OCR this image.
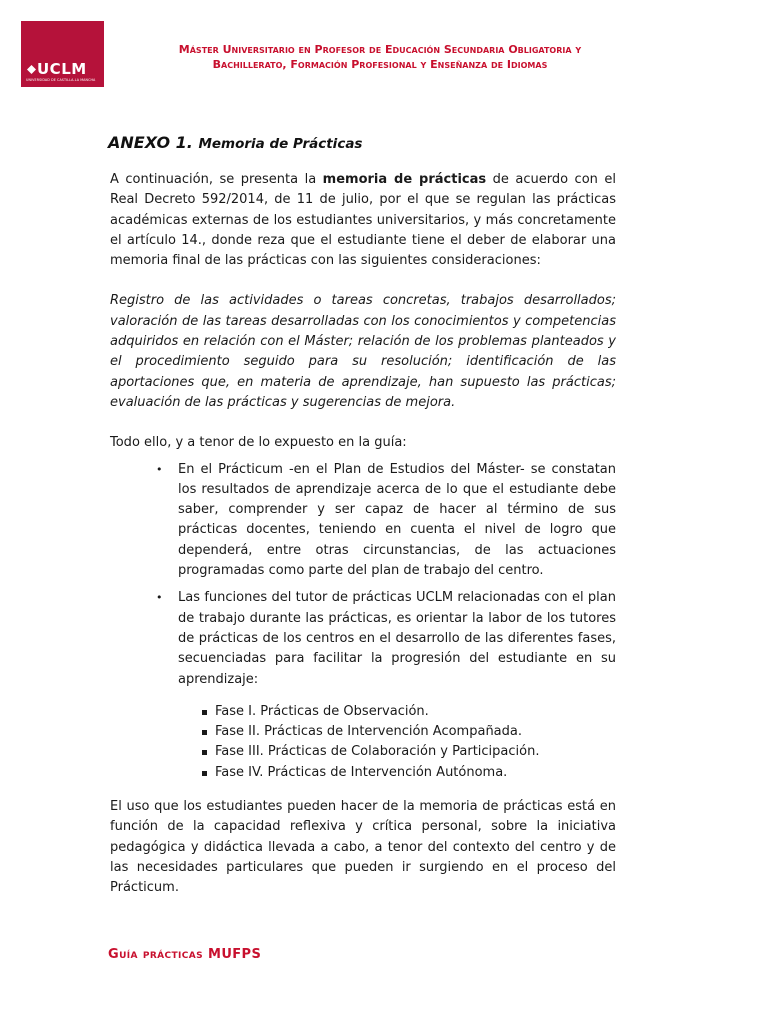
UCLM
UNIVERSIDAD DE CASTILLA-LA MANCHA
Máster Universitario en Profesor de Educación Secundaria Obligatoria y
Bachillerato, Formación Profesional y Enseñanza de Idiomas
ANEXO 1. Memoria de Prácticas

A continuación, se presenta la memoria de prácticas de acuerdo con el Real Decreto 592/2014, de 11 de julio, por el que se regulan las prácticas académicas externas de los estudiantes universitarios, y más concretamente el artículo 14., donde reza que el estudiante tiene el deber de elaborar una memoria final de las prácticas con las siguientes consideraciones:

Registro de las actividades o tareas concretas, trabajos desarrollados; valoración de las tareas desarrolladas con los conocimientos y competencias adquiridos en relación con el Máster; relación de los problemas planteados y el procedimiento seguido para su resolución; identificación de las aportaciones que, en materia de aprendizaje, han supuesto las prácticas; evaluación de las prácticas y sugerencias de mejora.

Todo ello, y a tenor de lo expuesto en la guía:

• En el Prácticum -en el Plan de Estudios del Máster- se constatan los resultados de aprendizaje acerca de lo que el estudiante debe saber, comprender y ser capaz de hacer al término de sus prácticas docentes, teniendo en cuenta el nivel de logro que dependerá, entre otras circunstancias, de las actuaciones programadas como parte del plan de trabajo del centro.
• Las funciones del tutor de prácticas UCLM relacionadas con el plan de trabajo durante las prácticas, es orientar la labor de los tutores de prácticas de los centros en el desarrollo de las diferentes fases, secuenciadas para facilitar la progresión del estudiante en su aprendizaje:
Fase I. Prácticas de Observación.
Fase II. Prácticas de Intervención Acompañada.
Fase III. Prácticas de Colaboración y Participación.
Fase IV. Prácticas de Intervención Autónoma.

El uso que los estudiantes pueden hacer de la memoria de prácticas está en función de la capacidad reflexiva y crítica personal, sobre la iniciativa pedagógica y didáctica llevada a cabo, a tenor del contexto del centro y de las necesidades particulares que pueden ir surgiendo en el proceso del Prácticum.

Guía prácticas MUFPS
